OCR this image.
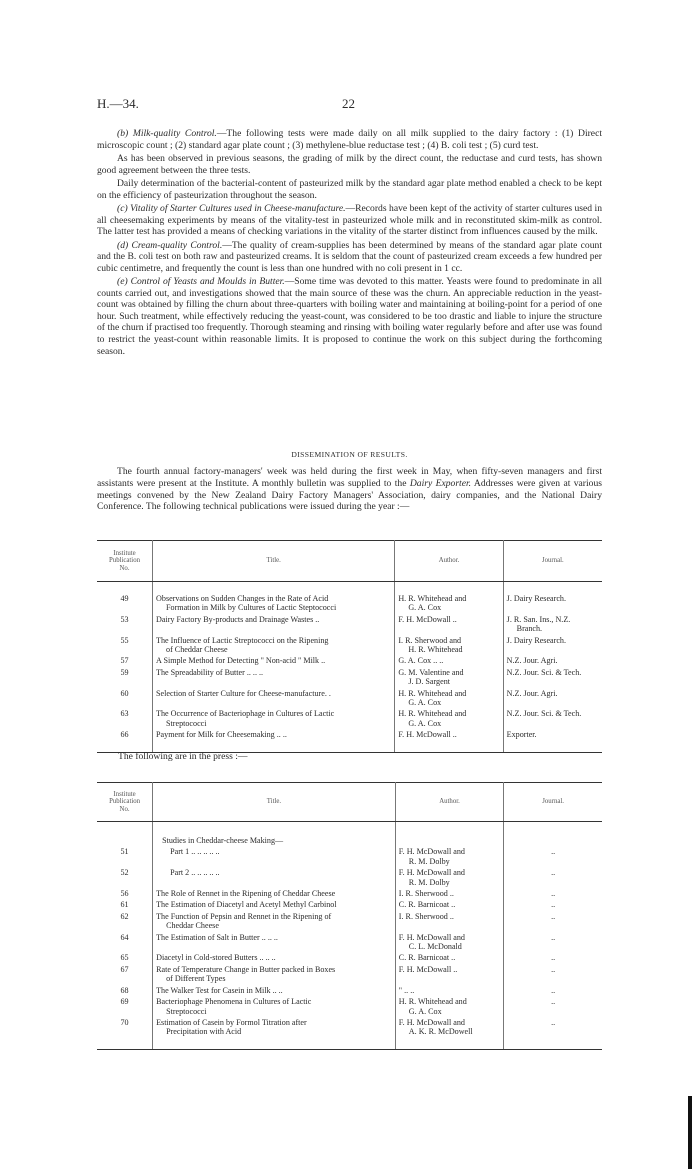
H.—34.	22

(b) Milk-quality Control.—The following tests were made daily on all milk supplied to the dairy factory : (1) Direct microscopic count ; (2) standard agar plate count ; (3) methylene-blue reductase test ; (4) B. coli test ; (5) curd test.

As has been observed in previous seasons, the grading of milk by the direct count, the reductase and curd tests, has shown good agreement between the three tests.

Daily determination of the bacterial-content of pasteurized milk by the standard agar plate method enabled a check to be kept on the efficiency of pasteurization throughout the season.

(c) Vitality of Starter Cultures used in Cheese-manufacture.—Records have been kept of the activity of starter cultures used in all cheesemaking experiments by means of the vitality-test in pasteurized whole milk and in reconstituted skim-milk as control. The latter test has provided a means of checking variations in the vitality of the starter distinct from influences caused by the milk.

(d) Cream-quality Control.—The quality of cream-supplies has been determined by means of the standard agar plate count and the B. coli test on both raw and pasteurized creams. It is seldom that the count of pasteurized cream exceeds a few hundred per cubic centimetre, and frequently the count is less than one hundred with no coli present in 1 cc.

(e) Control of Yeasts and Moulds in Butter.—Some time was devoted to this matter. Yeasts were found to predominate in all counts carried out, and investigations showed that the main source of these was the churn. An appreciable reduction in the yeast-count was obtained by filling the churn about three-quarters with boiling water and maintaining at boiling-point for a period of one hour. Such treatment, while effectively reducing the yeast-count, was considered to be too drastic and liable to injure the structure of the churn if practised too frequently. Thorough steaming and rinsing with boiling water regularly before and after use was found to restrict the yeast-count within reasonable limits. It is proposed to continue the work on this subject during the forthcoming season.

DISSEMINATION OF RESULTS.

The fourth annual factory-managers' week was held during the first week in May, when fifty-seven managers and first assistants were present at the Institute. A monthly bulletin was supplied to the Dairy Exporter. Addresses were given at various meetings convened by the New Zealand Dairy Factory Managers' Association, dairy companies, and the National Dairy Conference. The following technical publications were issued during the year :—

Institute
Publication
No.	Title.	Author.	Journal.
49	Observations on Sudden Changes in the Rate of Acid
Formation in Milk by Cultures of Lactic Steptococci	H. R. Whitehead and
G. A. Cox	J. Dairy Research.

53	Dairy Factory By-products and Drainage Wastes ..	F. H. McDowall ..	J. R. San. Ins., N.Z.
Branch.

55	The Influence of Lactic Streptococci on the Ripening
of Cheddar Cheese	I. R. Sherwood and
H. R. Whitehead	J. Dairy Research.

57	A Simple Method for Detecting " Non-acid " Milk ..	G. A. Cox .. ..	N.Z. Jour. Agri.

59	The Spreadability of Butter .. .. ..	G. M. Valentine and
J. D. Sargent	N.Z. Jour. Sci. & Tech.

60	Selection of Starter Culture for Cheese-manufacture. .	H. R. Whitehead and
G. A. Cox	N.Z. Jour. Agri.

63	The Occurrence of Bacteriophage in Cultures of Lactic
Streptococci	H. R. Whitehead and
G. A. Cox	N.Z. Jour. Sci. & Tech.

66	Payment for Milk for Cheesemaking .. ..	F. H. McDowall ..	Exporter.
The following are in the press :—
Institute
Publication
No.	Title.	Author.	Journal.

	Studies in Cheddar-cheese Making—		

51	Part 1 .. .. .. .. ..	F. H. McDowall and
R. M. Dolby	..

52	Part 2 .. .. .. .. ..	F. H. McDowall and
R. M. Dolby	..

56	The Role of Rennet in the Ripening of Cheddar Cheese	I. R. Sherwood ..	..

61	The Estimation of Diacetyl and Acetyl Methyl Carbinol	C. R. Barnicoat ..	..

62	The Function of Pepsin and Rennet in the Ripening of
Cheddar Cheese	I. R. Sherwood ..	..

64	The Estimation of Salt in Butter .. .. ..	F. H. McDowall and
C. L. McDonald	..

65	Diacetyl in Cold-stored Butters .. .. ..	C. R. Barnicoat ..	..

67	Rate of Temperature Change in Butter packed in Boxes
of Different Types	F. H. McDowall ..	..

68	The Walker Test for Casein in Milk .. ..	" .. ..	..

69	Bacteriophage Phenomena in Cultures of Lactic
Streptococci	H. R. Whitehead and
G. A. Cox	..

70	Estimation of Casein by Formol Titration after
Precipitation with Acid	F. H. McDowall and
A. K. R. McDowell	..
